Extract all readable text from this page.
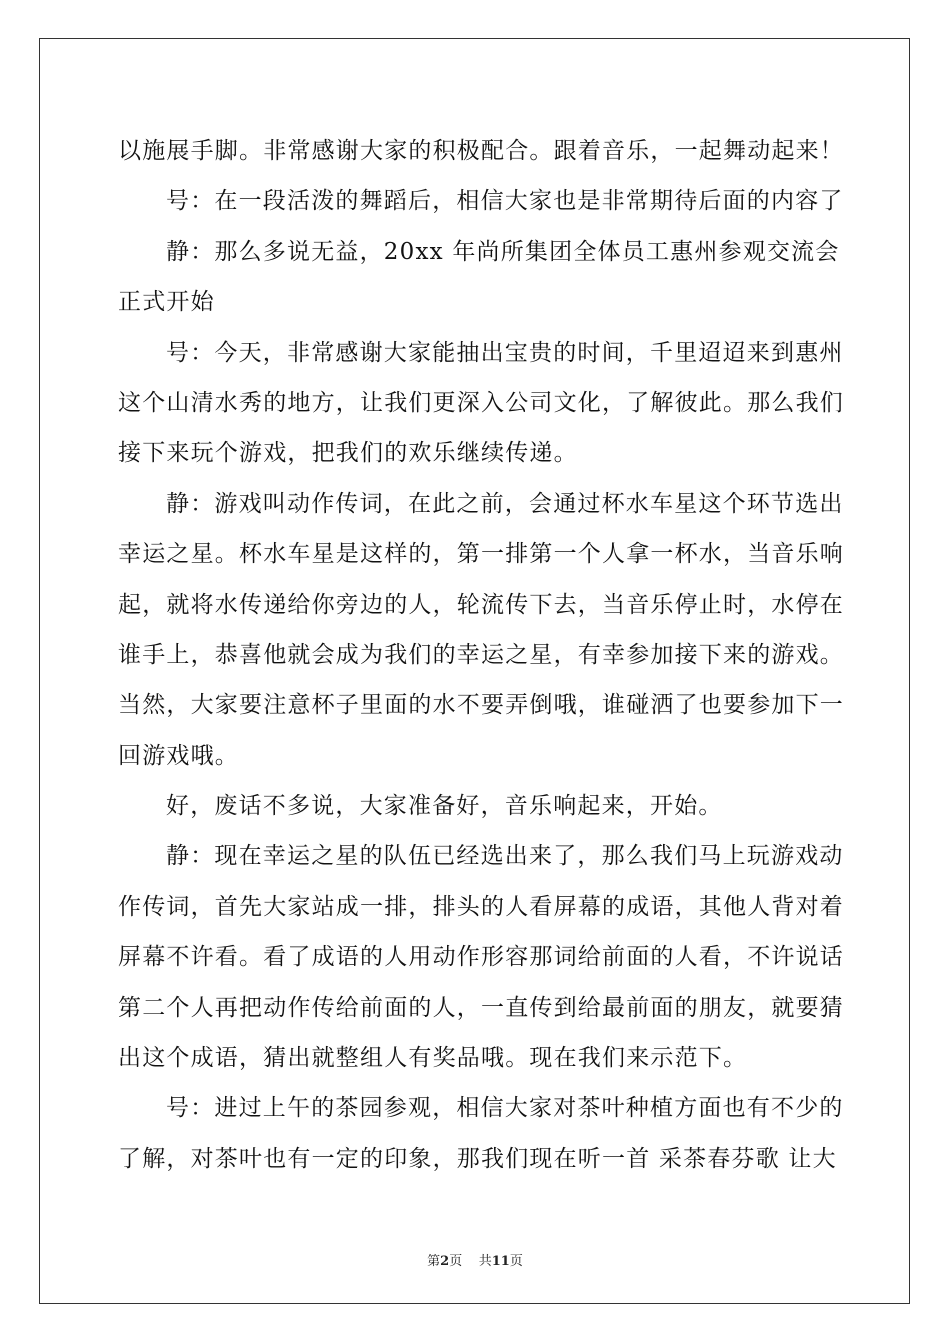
以施展手脚。非常感谢大家的积极配合。跟着音乐，一起舞动起来！
号：在一段活泼的舞蹈后，相信大家也是非常期待后面的内容了
静：那么多说无益，20xx 年尚所集团全体员工惠州参观交流会
正式开始
号：今天，非常感谢大家能抽出宝贵的时间，千里迢迢来到惠州
这个山清水秀的地方，让我们更深入公司文化，了解彼此。那么我们
接下来玩个游戏，把我们的欢乐继续传递。
静：游戏叫动作传词，在此之前，会通过杯水车星这个环节选出
幸运之星。杯水车星是这样的，第一排第一个人拿一杯水，当音乐响
起，就将水传递给你旁边的人，轮流传下去，当音乐停止时，水停在
谁手上，恭喜他就会成为我们的幸运之星，有幸参加接下来的游戏。
当然，大家要注意杯子里面的水不要弄倒哦，谁碰洒了也要参加下一
回游戏哦。
好，废话不多说，大家准备好，音乐响起来，开始。
静：现在幸运之星的队伍已经选出来了，那么我们马上玩游戏动
作传词，首先大家站成一排，排头的人看屏幕的成语，其他人背对着
屏幕不许看。看了成语的人用动作形容那词给前面的人看，不许说话
第二个人再把动作传给前面的人，一直传到给最前面的朋友，就要猜
出这个成语，猜出就整组人有奖品哦。现在我们来示范下。
号：进过上午的茶园参观，相信大家对茶叶种植方面也有不少的
了解，对茶叶也有一定的印象，那我们现在听一首 采茶春芬歌 让大
第2页 共11页
